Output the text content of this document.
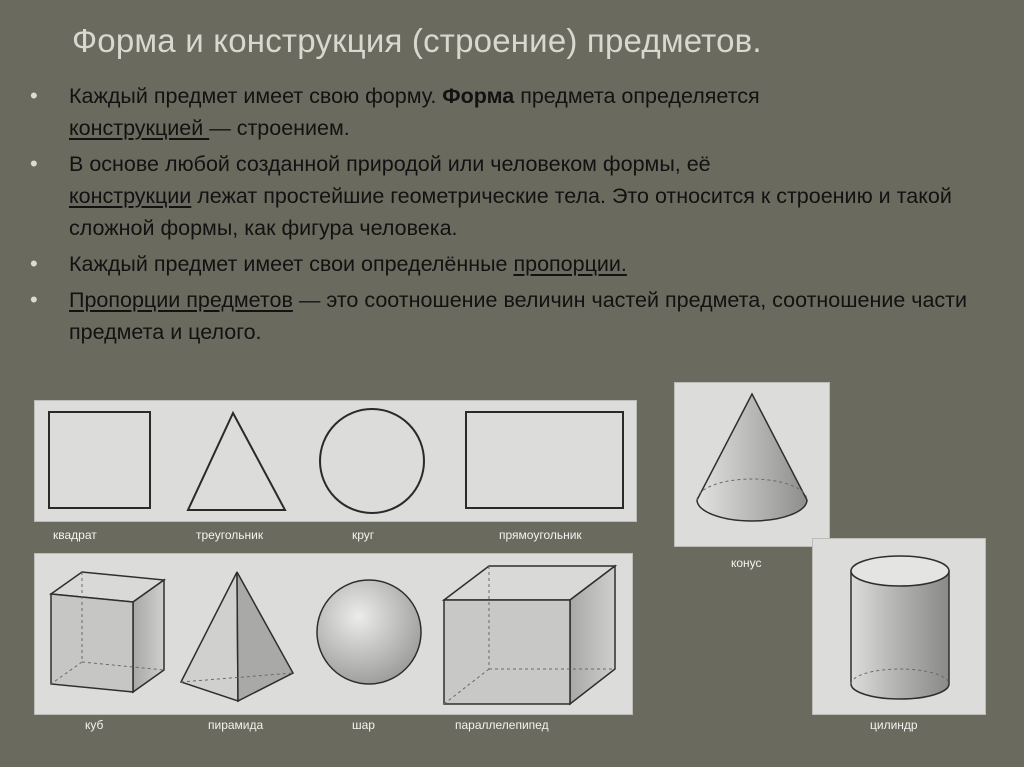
Форма и конструкция (строение) предметов.
• Каждый предмет имеет свою форму. Форма предмета определяется
конструкцией — строением.
• В основе любой созданной природой или человеком формы, её
конструкции лежат простейшие геометрические тела. Это относится к строению и такой сложной формы, как фигура человека.
• Каждый предмет имеет свои определённые пропорции.
• Пропорции предметов — это соотношение величин частей предмета, соотношение части предмета и целого.
квадрат	треугольник	круг	прямоугольник
куб	пирамида	шар	параллелепипед
конус
цилиндр
